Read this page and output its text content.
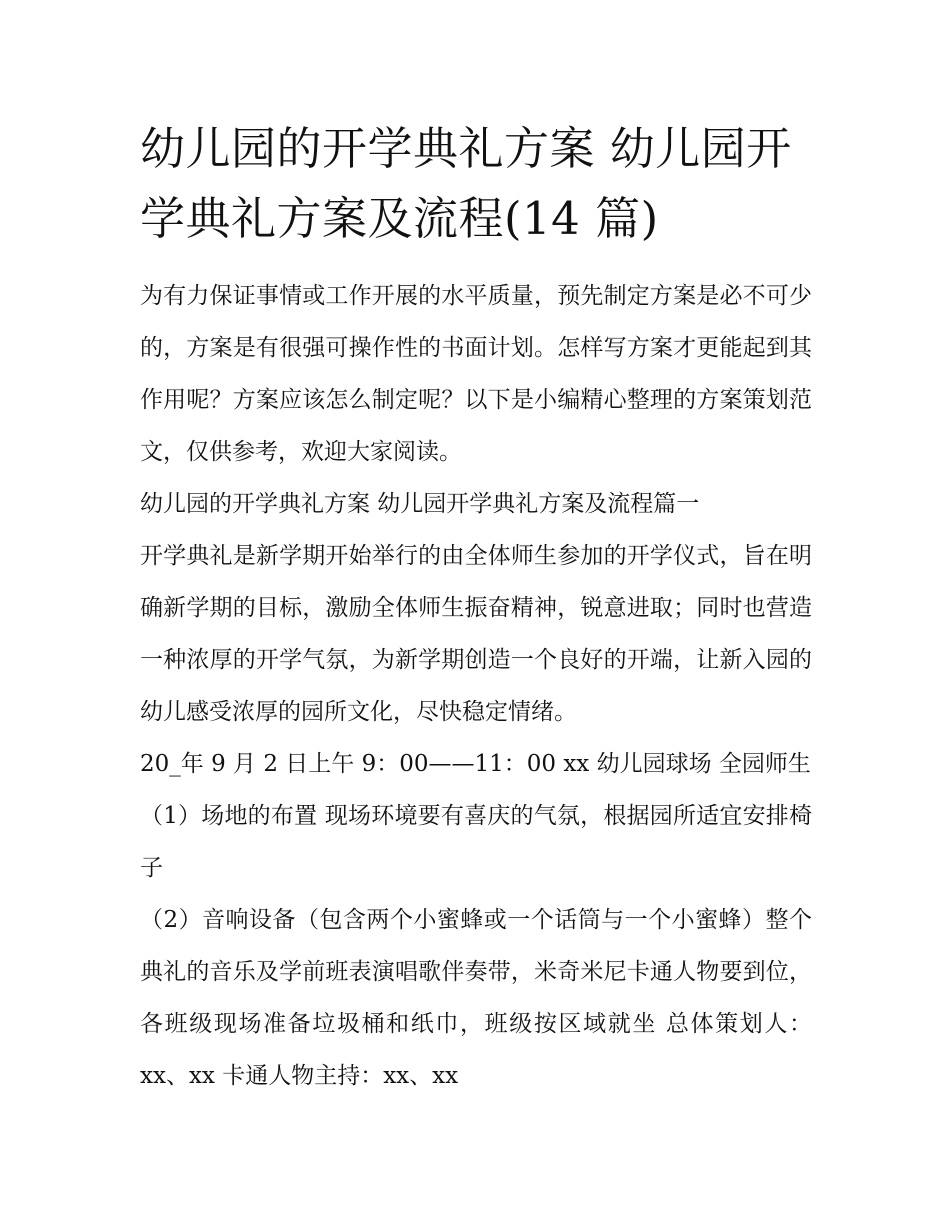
幼儿园的开学典礼方案 幼儿园开学典礼方案及流程(14 篇)

为有力保证事情或工作开展的水平质量，预先制定方案是必不可少的，方案是有很强可操作性的书面计划。怎样写方案才更能起到其作用呢？方案应该怎么制定呢？以下是小编精心整理的方案策划范文，仅供参考，欢迎大家阅读。

幼儿园的开学典礼方案 幼儿园开学典礼方案及流程篇一

开学典礼是新学期开始举行的由全体师生参加的开学仪式，旨在明确新学期的目标，激励全体师生振奋精神，锐意进取；同时也营造一种浓厚的开学气氛，为新学期创造一个良好的开端，让新入园的幼儿感受浓厚的园所文化，尽快稳定情绪。

20_年 9 月 2 日上午 9：00——11：00 xx 幼儿园球场 全园师生

（1）场地的布置 现场环境要有喜庆的气氛，根据园所适宜安排椅子

（2）音响设备（包含两个小蜜蜂或一个话筒与一个小蜜蜂）整个典礼的音乐及学前班表演唱歌伴奏带，米奇米尼卡通人物要到位，各班级现场准备垃圾桶和纸巾，班级按区域就坐 总体策划人：xx、xx 卡通人物主持：xx、xx
